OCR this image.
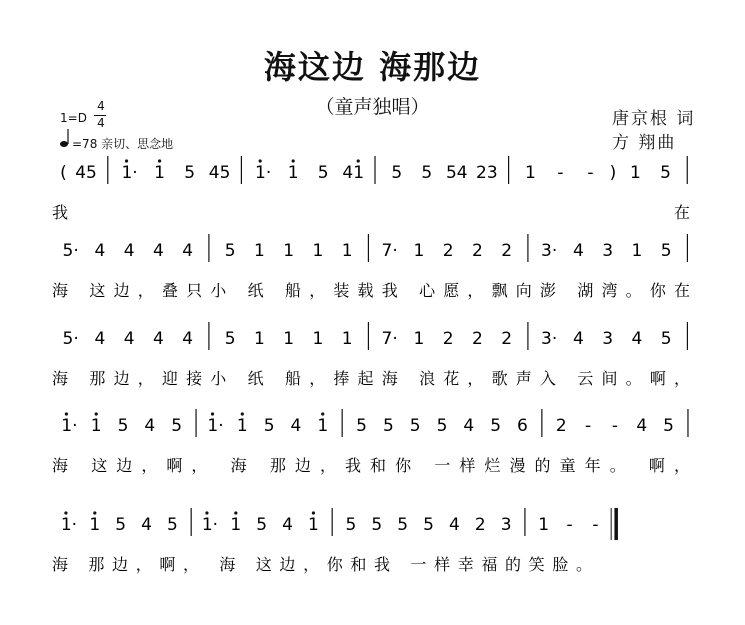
海这边 海那边
（童声独唱）
唐京根 词
方 翔曲
1=D
4
4
=78 亲切、思念地
( 45 1· 1 5 45 1· 1 5 41 5 5 54 23 1 - - ) 1 5
我在
5· 4 4 4 4 5 1 1 1 1 7· 1 2 2 2 3· 4 3 1 5
海 这边，叠只小 纸 船，装载我 心愿，飘向澎 湖湾。你在
5· 4 4 4 4 5 1 1 1 1 7· 1 2 2 2 3· 4 3 4 5
海 那边，迎接小 纸 船，捧起海 浪花，歌声入 云间。啊，
1· 1 5 4 5 1· 1 5 4 1 5 5 5 5 4 5 6 2 - - 4 5
海 这边，啊， 海 那边，我和你 一样烂漫的童年。 啊，
1· 1 5 4 5 1· 1 5 4 1 5 5 5 5 4 2 3 1 - -
海 那边，啊， 海 这边，你和我 一样幸福的笑脸。
